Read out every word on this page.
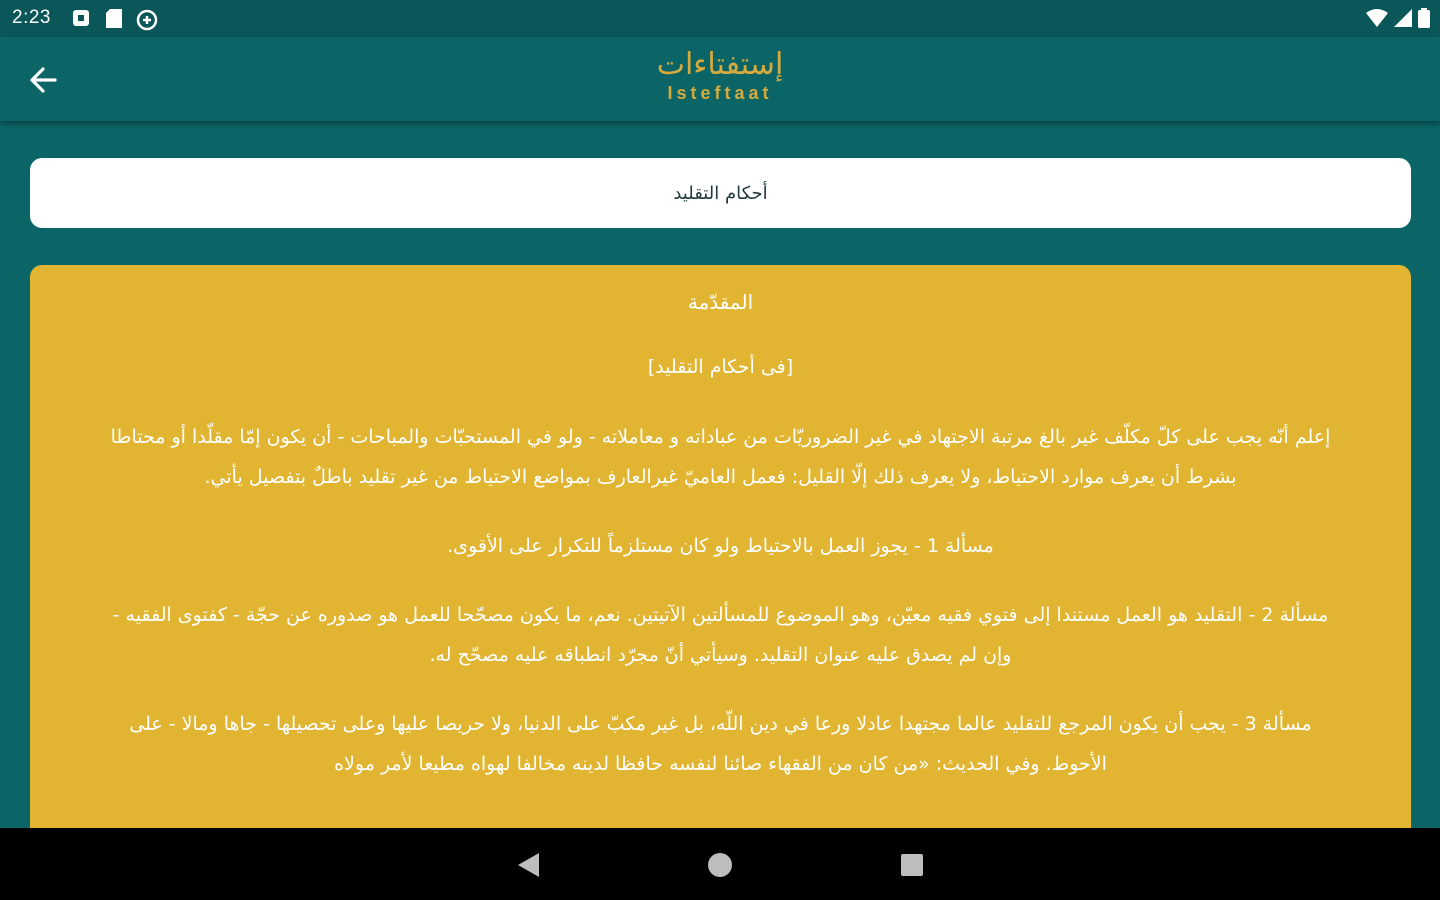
2:23
إستفتاءات
Isteftaat
أحكام التقليد

المقدّمة

[فی أحکام التقلید]

إعلم أنّه يجب على كلّ مكلّف غير بالغ مرتبة الاجتهاد في غير الضروريّات من عباداته و معاملاته - ولو في المستحبّات والمباحات - أن يكون إمّا مقلّدا أو محتاطا بشرط أن يعرف موارد الاحتياط، ولا يعرف ذلك إلّا القليل: فعمل العاميّ غيرالعارف بمواضع الاحتياط من غير تقليد باطلٌ بتفصيل يأتي.

مسألة 1 - يجوز العمل بالاحتياط ولو كان مستلزماً للتكرار على الأقوى.

مسألة 2 - التقليد هو العمل مستندا إلى فتوي فقيه معيّن، وهو الموضوع للمسألتين الآتيتين. نعم، ما يكون مصحّحا للعمل هو صدوره عن حجّة - كفتوى الفقيه - وإن لم يصدق عليه عنوان التقليد. وسيأتي أنّ مجرّد انطباقه عليه مصحّح له.

مسألة 3 - يجب أن يكون المرجع للتقليد عالما مجتهدا عادلا ورعا في دين اللّه، بل غير مكبّ على الدنيا، ولا حريصا عليها وعلى تحصيلها - جاها ومالا - على الأحوط. وفي الحديث: «من كان من الفقهاء صائنا لنفسه حافظا لدينه مخالفا لهواه مطيعا لأمر مولاه
